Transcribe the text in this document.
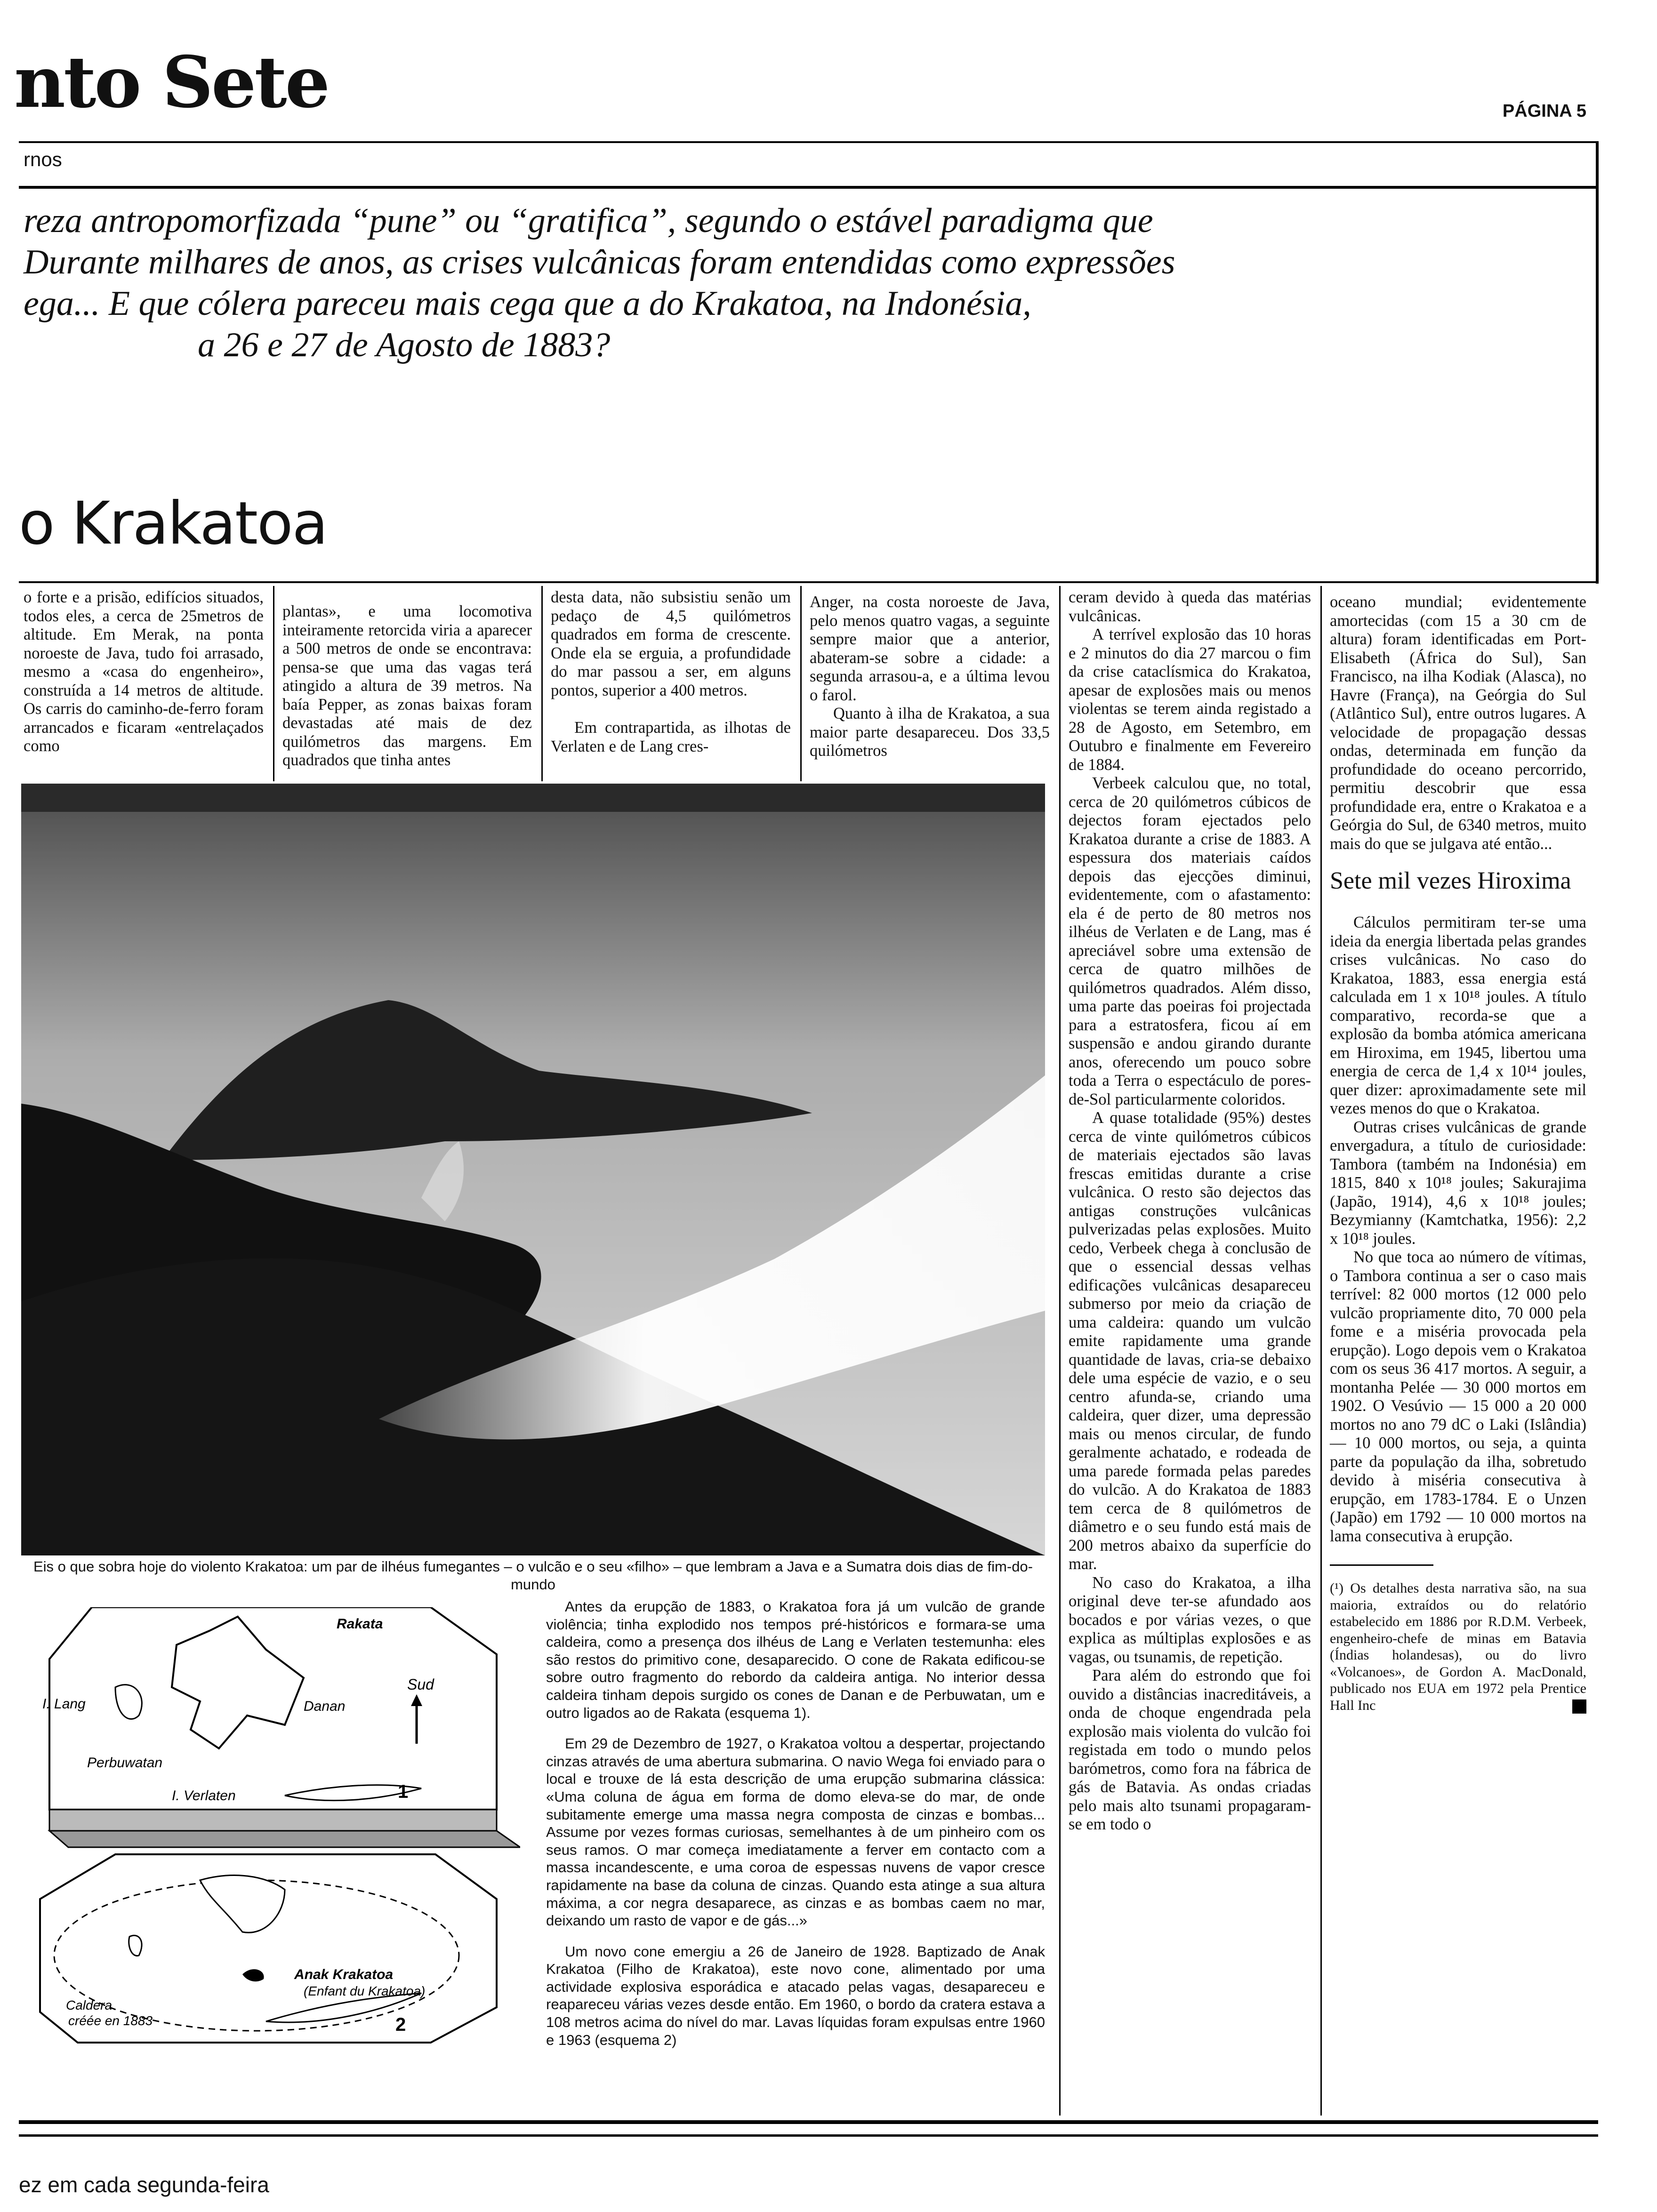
nto Sete	PÁGINA 5
rnos

reza antropomorfizada “pune” ou “gratifica”, segundo o estável paradigma que

Durante milhares de anos, as crises vulcânicas foram entendidas como expressões

ega... E que cólera pareceu mais cega que a do Krakatoa, na Indonésia,

a 26 e 27 de Agosto de 1883?

o Krakatoa

o forte e a prisão, edifícios situados, todos eles, a cerca de 25metros de altitude. Em Merak, na ponta noroeste de Java, tudo foi arrasado, mesmo a «casa do engenheiro», construída a 14 metros de altitude. Os carris do caminho-de-ferro foram arrancados e ficaram «entrelaçados como

plantas», e uma locomotiva inteiramente retorcida viria a aparecer a 500 metros de onde se encontrava: pensa-se que uma das vagas terá atingido a altura de 39 metros. Na baía Pepper, as zonas baixas foram devastadas até mais de dez quilómetros das margens. Em quadrados que tinha antes

desta data, não subsistiu senão um pedaço de 4,5 quilómetros quadrados em forma de crescente. Onde ela se erguia, a profundidade do mar passou a ser, em alguns pontos, superior a 400 metros.

Em contrapartida, as ilhotas de Verlaten e de Lang cres-

Anger, na costa noroeste de Java, pelo menos quatro vagas, a seguinte sempre maior que a anterior, abateram-se sobre a cidade: a segunda arrasou-a, e a última levou o farol.

Quanto à ilha de Krakatoa, a sua maior parte desapareceu. Dos 33,5 quilómetros

ceram devido à queda das matérias vulcânicas.

A terrível explosão das 10 horas e 2 minutos do dia 27 marcou o fim da crise cataclísmica do Krakatoa, apesar de explosões mais ou menos violentas se terem ainda registado a 28 de Agosto, em Setembro, em Outubro e finalmente em Fevereiro de 1884.

Verbeek calculou que, no total, cerca de 20 quilómetros cúbicos de dejectos foram ejectados pelo Krakatoa durante a crise de 1883. A espessura dos materiais caídos depois das ejecções diminui, evidentemente, com o afastamento: ela é de perto de 80 metros nos ilhéus de Verlaten e de Lang, mas é apreciável sobre uma extensão de cerca de quatro milhões de quilómetros quadrados. Além disso, uma parte das poeiras foi projectada para a estratosfera, ficou aí em suspensão e andou girando durante anos, oferecendo um pouco sobre toda a Terra o espectáculo de pores-de-Sol particularmente coloridos.

A quase totalidade (95%) destes cerca de vinte quilómetros cúbicos de materiais ejectados são lavas frescas emitidas durante a crise vulcânica. O resto são dejectos das antigas construções vulcânicas pulverizadas pelas explosões. Muito cedo, Verbeek chega à conclusão de que o essencial dessas velhas edificações vulcânicas desapareceu submerso por meio da criação de uma caldeira: quando um vulcão emite rapidamente uma grande quantidade de lavas, cria-se debaixo dele uma espécie de vazio, e o seu centro afunda-se, criando uma caldeira, quer dizer, uma depressão mais ou menos circular, de fundo geralmente achatado, e rodeada de uma parede formada pelas paredes do vulcão. A do Krakatoa de 1883 tem cerca de 8 quilómetros de diâmetro e o seu fundo está mais de 200 metros abaixo da superfície do mar.

No caso do Krakatoa, a ilha original deve ter-se afundado aos bocados e por várias vezes, o que explica as múltiplas explosões e as vagas, ou tsunamis, de repetição.

Para além do estrondo que foi ouvido a distâncias inacreditáveis, a onda de choque engendrada pela explosão mais violenta do vulcão foi registada em todo o mundo pelos barómetros, como fora na fábrica de gás de Batavia. As ondas criadas pelo mais alto tsunami propagaram-se em todo o

oceano mundial; evidentemente amortecidas (com 15 a 30 cm de altura) foram identificadas em Port-Elisabeth (África do Sul), San Francisco, na ilha Kodiak (Alasca), no Havre (França), na Geórgia do Sul (Atlântico Sul), entre outros lugares. A velocidade de propagação dessas ondas, determinada em função da profundidade do oceano percorrido, permitiu descobrir que essa profundidade era, entre o Krakatoa e a Geórgia do Sul, de 6340 metros, muito mais do que se julgava até então...

Sete mil vezes Hiroxima

Cálculos permitiram ter-se uma ideia da energia libertada pelas grandes crises vulcânicas. No caso do Krakatoa, 1883, essa energia está calculada em 1 x 10¹⁸ joules. A título comparativo, recorda-se que a explosão da bomba atómica americana em Hiroxima, em 1945, libertou uma energia de cerca de 1,4 x 10¹⁴ joules, quer dizer: aproximadamente sete mil vezes menos do que o Krakatoa.

Outras crises vulcânicas de grande envergadura, a título de curiosidade: Tambora (também na Indonésia) em 1815, 840 x 10¹⁸ joules; Sakurajima (Japão, 1914), 4,6 x 10¹⁸ joules; Bezymianny (Kamtchatka, 1956): 2,2 x 10¹⁸ joules.

No que toca ao número de vítimas, o Tambora continua a ser o caso mais terrível: 82 000 mortos (12 000 pelo vulcão propriamente dito, 70 000 pela fome e a miséria provocada pela erupção). Logo depois vem o Krakatoa com os seus 36 417 mortos. A seguir, a montanha Pelée — 30 000 mortos em 1902. O Vesúvio — 15 000 a 20 000 mortos no ano 79 dC o Laki (Islândia) — 10 000 mortos, ou seja, a quinta parte da população da ilha, sobretudo devido à miséria consecutiva à erupção, em 1783-1784. E o Unzen (Japão) em 1792 — 10 000 mortos na lama consecutiva à erupção.

(¹) Os detalhes desta narrativa são, na sua maioria, extraídos ou do relatório estabelecido em 1886 por R.D.M. Verbeek, engenheiro-chefe de minas em Batavia (Índias holandesas), ou do livro «Volcanoes», de Gordon A. MacDonald, publicado nos EUA em 1972 pela Prentice Hall Inc

Eis o que sobra hoje do violento Krakatoa: um par de ilhéus fumegantes – o vulcão e o seu «filho» – que lembram a Java e a Sumatra dois dias de fim-do-mundo
Rakata
I. Lang	Danan
Sud
Perbuwatan
I. Verlaten	1
Anak Krakatoa
(Enfant du Krakatoa)
Caldera
créée en 1883	2

Antes da erupção de 1883, o Krakatoa fora já um vulcão de grande violência; tinha explodido nos tempos pré-históricos e formara-se uma caldeira, como a presença dos ilhéus de Lang e Verlaten testemunha: eles são restos do primitivo cone, desaparecido. O cone de Rakata edificou-se sobre outro fragmento do rebordo da caldeira antiga. No interior dessa caldeira tinham depois surgido os cones de Danan e de Perbuwatan, um e outro ligados ao de Rakata (esquema 1).

Em 29 de Dezembro de 1927, o Krakatoa voltou a despertar, projectando cinzas através de uma abertura submarina. O navio Wega foi enviado para o local e trouxe de lá esta descrição de uma erupção submarina clássica: «Uma coluna de água em forma de domo eleva-se do mar, de onde subitamente emerge uma massa negra composta de cinzas e bombas... Assume por vezes formas curiosas, semelhantes à de um pinheiro com os seus ramos. O mar começa imediatamente a ferver em contacto com a massa incandescente, e uma coroa de espessas nuvens de vapor cresce rapidamente na base da coluna de cinzas. Quando esta atinge a sua altura máxima, a cor negra desaparece, as cinzas e as bombas caem no mar, deixando um rasto de vapor e de gás...»

Um novo cone emergiu a 26 de Janeiro de 1928. Baptizado de Anak Krakatoa (Filho de Krakatoa), este novo cone, alimentado por uma actividade explosiva esporádica e atacado pelas vagas, desapareceu e reapareceu várias vezes desde então. Em 1960, o bordo da cratera estava a 108 metros acima do nível do mar. Lavas líquidas foram expulsas entre 1960 e 1963 (esquema 2)

ez em cada segunda-feira
